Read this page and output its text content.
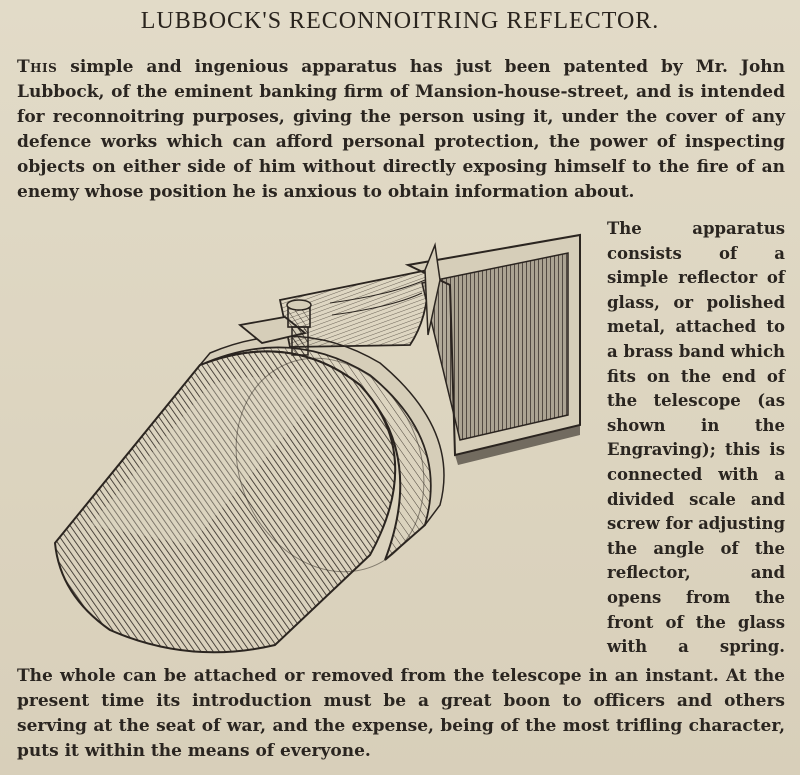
LUBBOCK'S RECONNOITRING REFLECTOR.

This simple and ingenious apparatus has just been patented by Mr. John Lubbock, of the eminent banking firm of Mansion-house-street, and is intended for reconnoitring purposes, giving the person using it, under the cover of any defence works which can afford personal protection, the power of inspecting objects on either side of him without directly exposing himself to the fire of an enemy whose position he is anxious to obtain information about.

The apparatus consists of a simple reflector of glass, or polished metal, attached to a brass band which fits on the end of the telescope (as shown in the Engraving); this is connected with a divided scale and screw for adjusting the angle of the reflector, and opens from the front of the glass with a spring.

The whole can be attached or removed from the telescope in an instant. At the present time its introduction must be a great boon to officers and others serving at the seat of war, and the expense, being of the most trifling character, puts it within the means of everyone.
